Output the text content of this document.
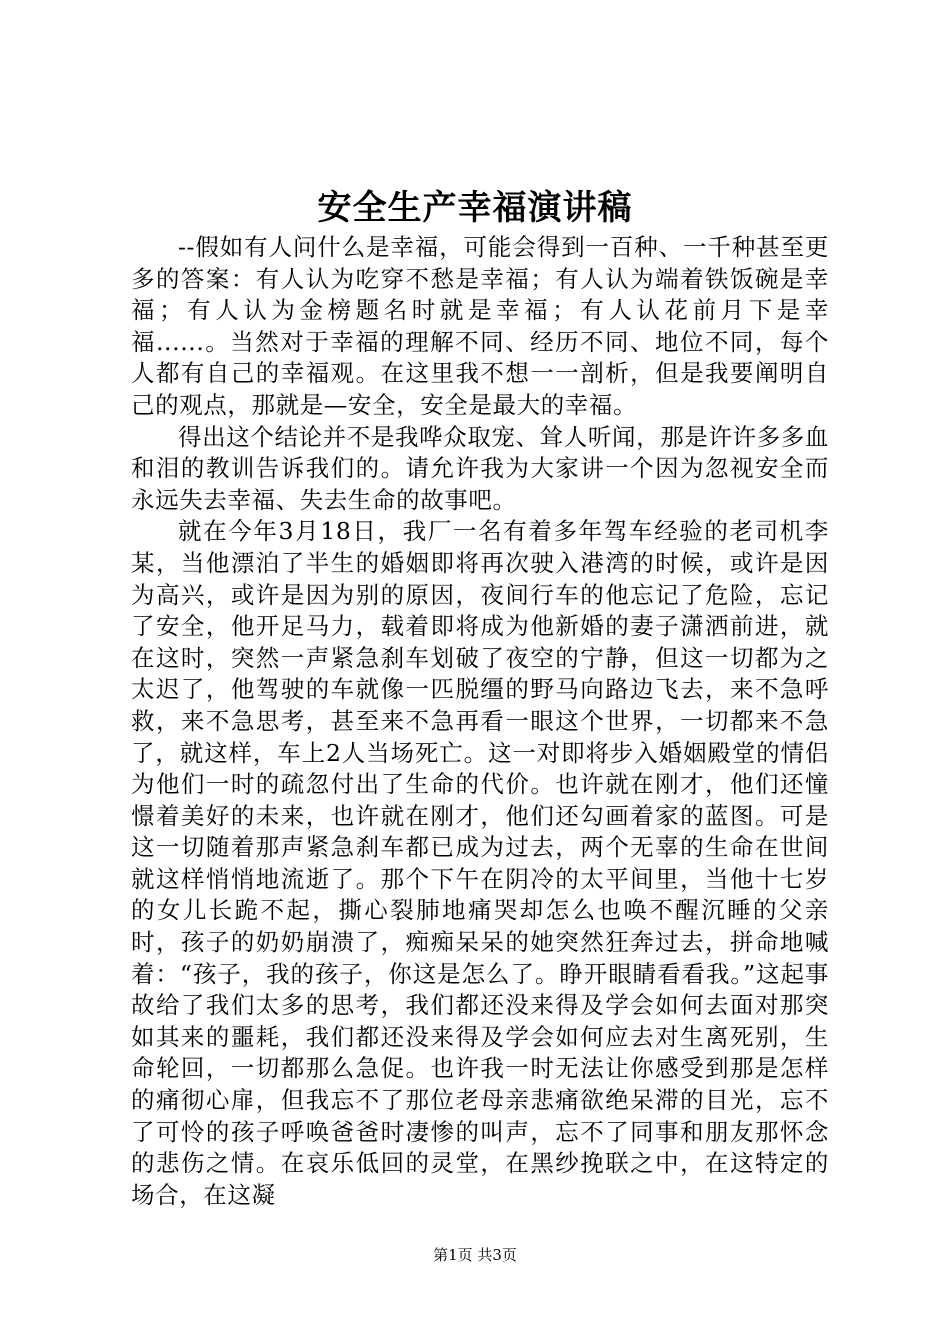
安全生产幸福演讲稿

--假如有人问什么是幸福，可能会得到一百种、一千种甚至更多的答案：有人认为吃穿不愁是幸福；有人认为端着铁饭碗是幸福；有人认为金榜题名时就是幸福；有人认花前月下是幸福......。当然对于幸福的理解不同、经历不同、地位不同，每个人都有自己的幸福观。在这里我不想一一剖析，但是我要阐明自己的观点，那就是—安全，安全是最大的幸福。

得出这个结论并不是我哗众取宠、耸人听闻，那是许许多多血和泪的教训告诉我们的。请允许我为大家讲一个因为忽视安全而永远失去幸福、失去生命的故事吧。

就在今年3月18日，我厂一名有着多年驾车经验的老司机李某，当他漂泊了半生的婚姻即将再次驶入港湾的时候，或许是因为高兴，或许是因为别的原因，夜间行车的他忘记了危险，忘记了安全，他开足马力，载着即将成为他新婚的妻子潇洒前进，就在这时，突然一声紧急刹车划破了夜空的宁静，但这一切都为之太迟了，他驾驶的车就像一匹脱缰的野马向路边飞去，来不急呼救，来不急思考，甚至来不急再看一眼这个世界，一切都来不急了，就这样，车上2人当场死亡。这一对即将步入婚姻殿堂的情侣为他们一时的疏忽付出了生命的代价。也许就在刚才，他们还憧憬着美好的未来，也许就在刚才，他们还勾画着家的蓝图。可是这一切随着那声紧急刹车都已成为过去，两个无辜的生命在世间就这样悄悄地流逝了。那个下午在阴冷的太平间里，当他十七岁的女儿长跪不起，撕心裂肺地痛哭却怎么也唤不醒沉睡的父亲时，孩子的奶奶崩溃了，痴痴呆呆的她突然狂奔过去，拼命地喊着：“孩子，我的孩子，你这是怎么了。睁开眼睛看看我。”这起事故给了我们太多的思考，我们都还没来得及学会如何去面对那突如其来的噩耗，我们都还没来得及学会如何应去对生离死别，生命轮回，一切都那么急促。也许我一时无法让你感受到那是怎样的痛彻心扉，但我忘不了那位老母亲悲痛欲绝呆滞的目光，忘不了可怜的孩子呼唤爸爸时凄惨的叫声，忘不了同事和朋友那怀念的悲伤之情。在哀乐低回的灵堂，在黑纱挽联之中，在这特定的场合，在这凝

第1页 共3页
